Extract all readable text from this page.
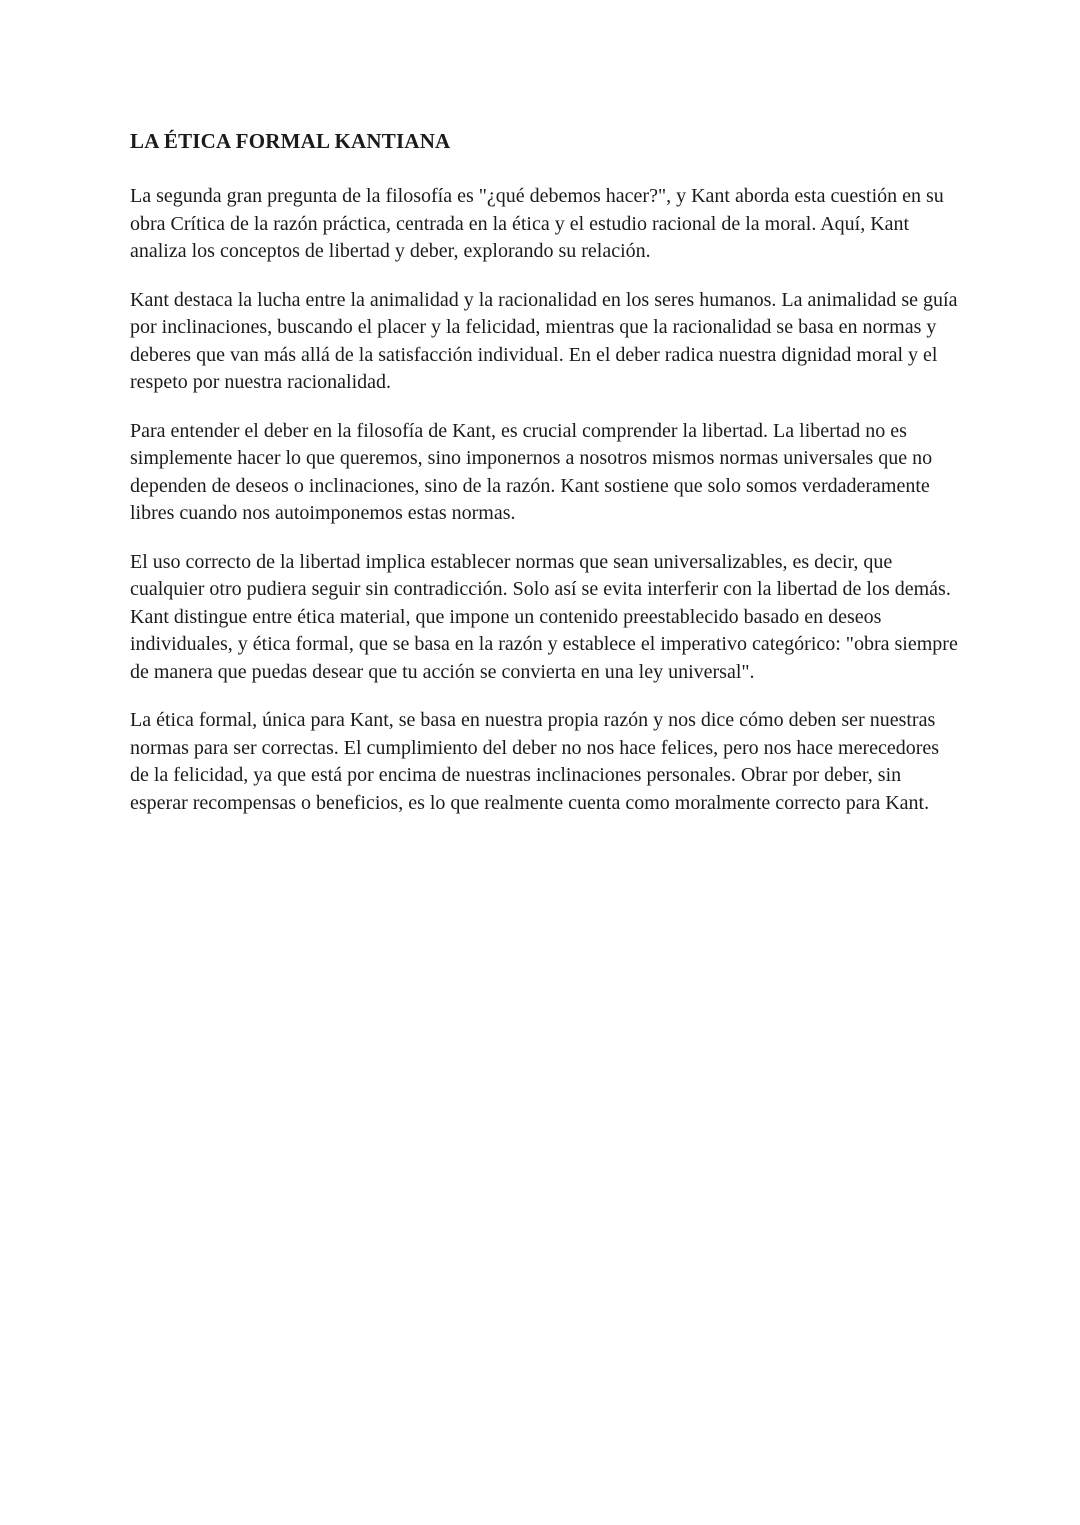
LA ÉTICA FORMAL KANTIANA

La segunda gran pregunta de la filosofía es "¿qué debemos hacer?", y Kant aborda esta cuestión en su obra Crítica de la razón práctica, centrada en la ética y el estudio racional de la moral. Aquí, Kant analiza los conceptos de libertad y deber, explorando su relación.

Kant destaca la lucha entre la animalidad y la racionalidad en los seres humanos. La animalidad se guía por inclinaciones, buscando el placer y la felicidad, mientras que la racionalidad se basa en normas y deberes que van más allá de la satisfacción individual. En el deber radica nuestra dignidad moral y el respeto por nuestra racionalidad.

Para entender el deber en la filosofía de Kant, es crucial comprender la libertad. La libertad no es simplemente hacer lo que queremos, sino imponernos a nosotros mismos normas universales que no dependen de deseos o inclinaciones, sino de la razón. Kant sostiene que solo somos verdaderamente libres cuando nos autoimponemos estas normas.

El uso correcto de la libertad implica establecer normas que sean universalizables, es decir, que cualquier otro pudiera seguir sin contradicción. Solo así se evita interferir con la libertad de los demás. Kant distingue entre ética material, que impone un contenido preestablecido basado en deseos individuales, y ética formal, que se basa en la razón y establece el imperativo categórico: "obra siempre de manera que puedas desear que tu acción se convierta en una ley universal".

La ética formal, única para Kant, se basa en nuestra propia razón y nos dice cómo deben ser nuestras normas para ser correctas. El cumplimiento del deber no nos hace felices, pero nos hace merecedores de la felicidad, ya que está por encima de nuestras inclinaciones personales. Obrar por deber, sin esperar recompensas o beneficios, es lo que realmente cuenta como moralmente correcto para Kant.
